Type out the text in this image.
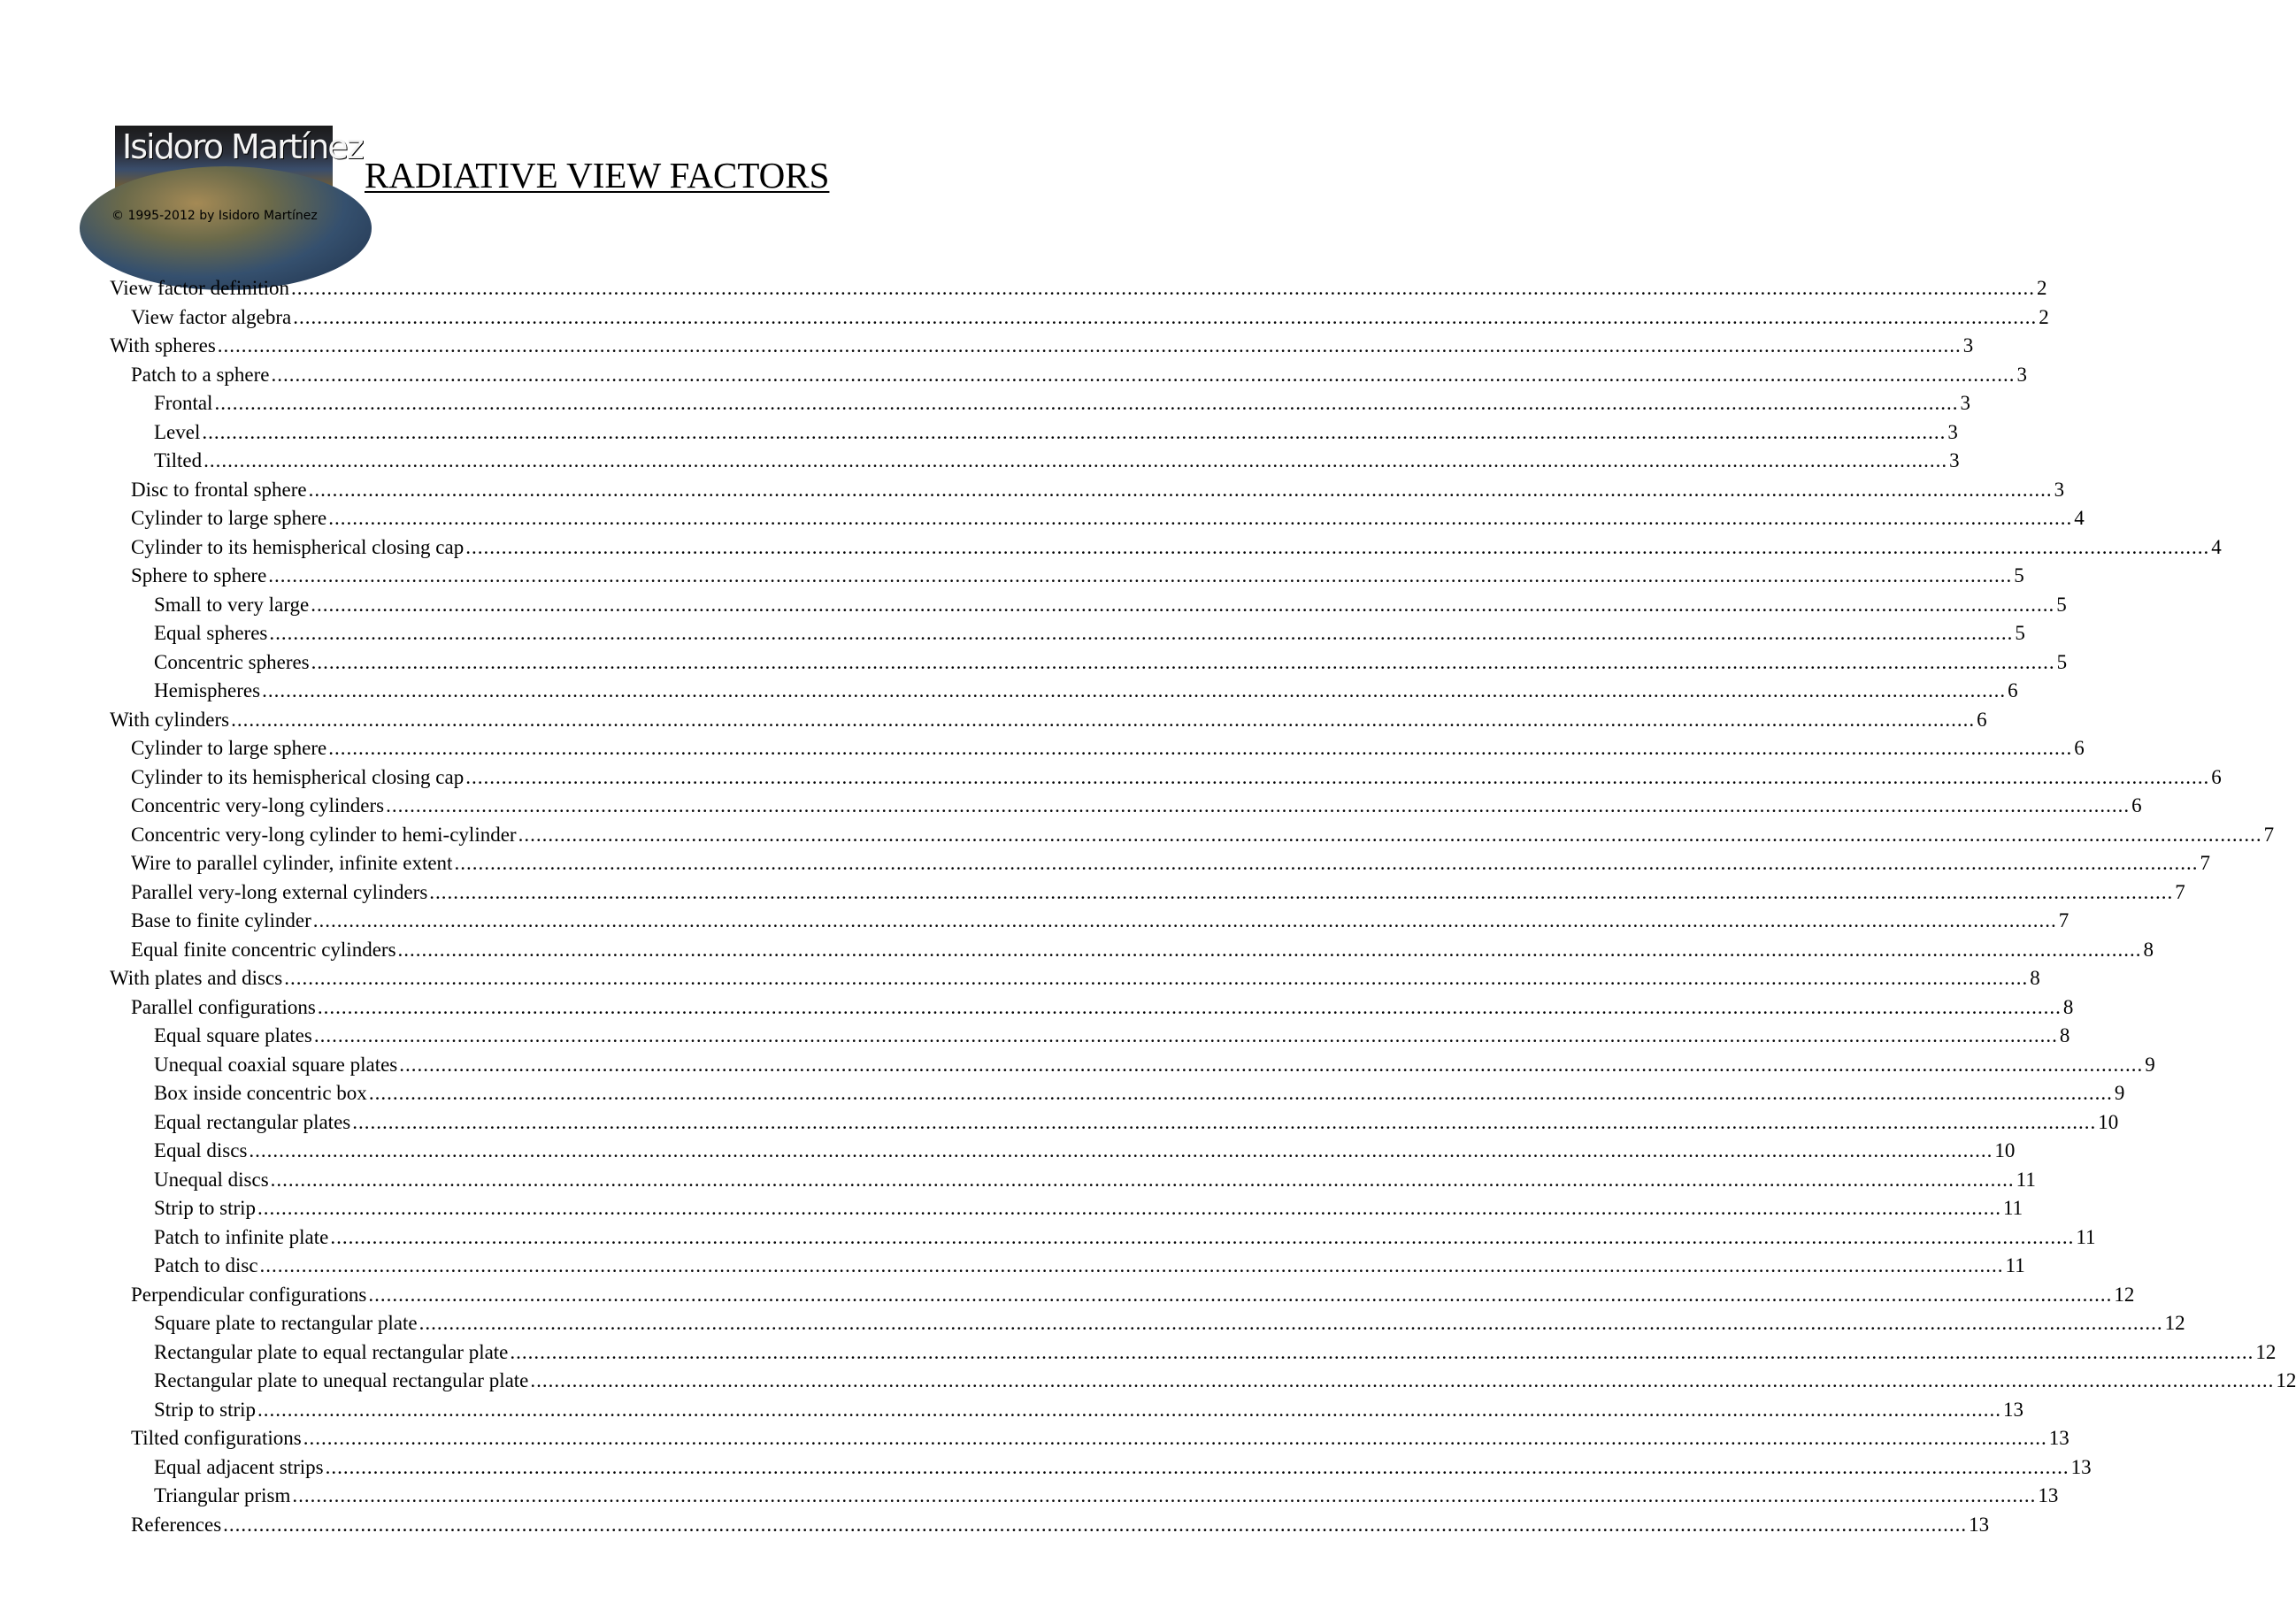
Isidoro Martínez
© 1995-2012 by Isidoro Martínez
RADIATIVE VIEW FACTORS
View factor definition .....	2
View factor algebra .....	2
With spheres .....	3
Patch to a sphere .....	3
Frontal .....	3
Level .....	3
Tilted .....	3
Disc to frontal sphere .....	3
Cylinder to large sphere .....	4
Cylinder to its hemispherical closing cap .....	4
Sphere to sphere .....	5
Small to very large .....	5
Equal spheres .....	5
Concentric spheres .....	5
Hemispheres .....	6
With cylinders .....	6
Cylinder to large sphere .....	6
Cylinder to its hemispherical closing cap .....	6
Concentric very-long cylinders .....	6
Concentric very-long cylinder to hemi-cylinder .....	7
Wire to parallel cylinder, infinite extent .....	7
Parallel very-long external cylinders .....	7
Base to finite cylinder .....	7
Equal finite concentric cylinders .....	8
With plates and discs .....	8
Parallel configurations .....	8
Equal square plates .....	8
Unequal coaxial square plates .....	9
Box inside concentric box .....	9
Equal rectangular plates .....	10
Equal discs .....	10
Unequal discs .....	11
Strip to strip .....	11
Patch to infinite plate .....	11
Patch to disc .....	11
Perpendicular configurations .....	12
Square plate to rectangular plate .....	12
Rectangular plate to equal rectangular plate .....	12
Rectangular plate to unequal rectangular plate .....	12
Strip to strip .....	13
Tilted configurations .....	13
Equal adjacent strips .....	13
Triangular prism .....	13
References .....	13
